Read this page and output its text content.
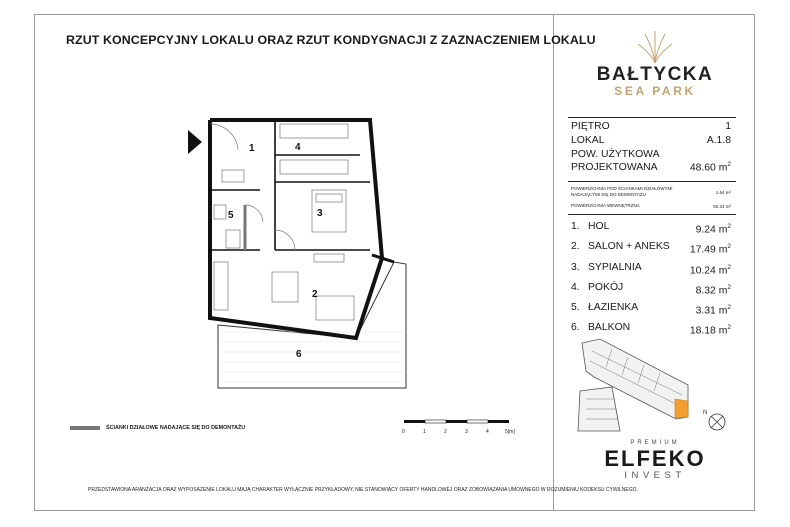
RZUT KONCEPCYJNY LOKALU ORAZ RZUT KONDYGNACJI Z ZAZNACZENIEM LOKALU
1
2
3
4
5
6
ŚCIANKI DZIAŁOWE NADAJĄCE SIĘ DO DEMONTAŻU
0	1	2	3	4	5[m]
PRZEDSTAWIONA ARANŻACJA ORAZ WYPOSAŻENIE LOKALU MAJĄ CHARAKTER WYŁĄCZNIE PRZYKŁADOWY, NIE STANOWIĄCY OFERTY HANDLOWEJ ORAZ ZOBOWIĄZANIA UMOWNEGO W ROZUMIENIU KODEKSU CYWILNEGO.
BAŁTYCKA
SEA PARK
PIĘTRO	1
LOKAL	A.1.8
POW. UŻYTKOWA
PROJEKTOWANA	48.60 $m^2$
POWIERZCHNIA POD ŚCIANKAMI DZIAŁOWYMI NADAJĄCYMI SIĘ DO DEMONTAŻU	1.64 m²
POWIERZCHNIA WEWNĘTRZNA	50.24 m²
1. HOL	9.24 $m^2$
2. SALON + ANEKS	17.49 $m^2$
3. SYPIALNIA	10.24 $m^2$
4. POKÓJ	8.32 $m^2$
5. ŁAZIENKA	3.31 $m^2$
6. BALKON	18.18 $m^2$
N
PREMIUM
ELFEKO
INVEST
